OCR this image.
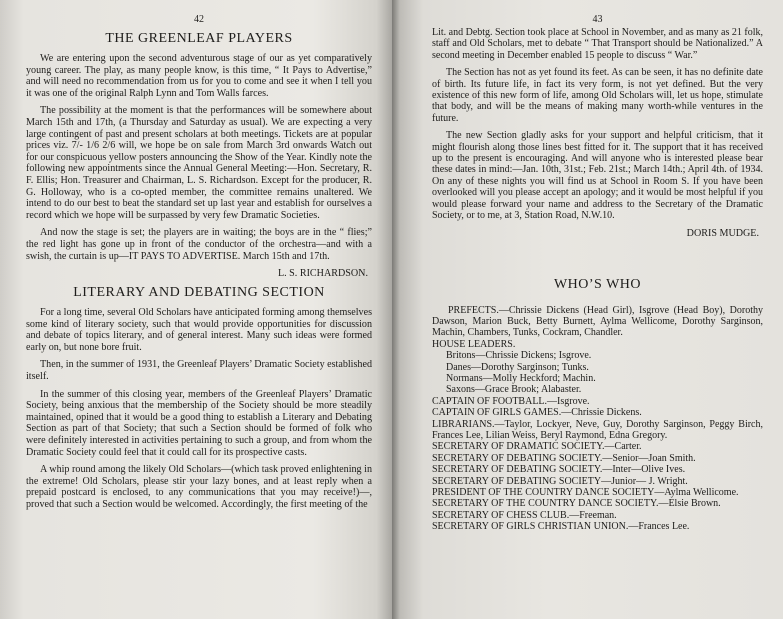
42
THE GREENLEAF PLAYERS

We are entering upon the second adventurous stage of our as yet comparatively young career. The play, as many people know, is this time, “ It Pays to Advertise,” and will need no recommendation from us for you to come and see it when I tell you it was one of the original Ralph Lynn and Tom Walls farces.

The possibility at the moment is that the performances will be somewhere about March 15th and 17th, (a Thursday and Saturday as usual). We are expecting a very large contingent of past and present scholars at both meetings. Tickets are at popular prices viz. 7/- 1/6 2/6 will, we hope be on sale from March 3rd onwards Watch out for our conspicuous yellow posters announcing the Show of the Year. Kindly note the following new appointments since the Annual General Meeting:—Hon. Secretary, R. F. Ellis; Hon. Treasurer and Chairman, L. S. Richardson. Except for the producer, R. G. Holloway, who is a co-opted member, the committee remains unaltered. We intend to do our best to beat the standard set up last year and establish for ourselves a record which we hope will be surpassed by very few Dramatic Societies.

And now the stage is set; the players are in waiting; the boys are in the “ flies;” the red light has gone up in front of the conductor of the orchestra—and with a swish, the curtain is up—IT PAYS TO ADVERTISE. March 15th and 17th.

L. S. RICHARDSON.
LITERARY AND DEBATING SECTION

For a long time, several Old Scholars have anticipated forming among themselves some kind of literary society, such that would provide opportunities for discussion and debate of topics literary, and of general interest. Many such ideas were formed early on, but none bore fruit.

Then, in the summer of 1931, the Greenleaf Players’ Dramatic Society established itself.

In the summer of this closing year, members of the Greenleaf Players’ Dramatic Society, being anxious that the membership of the Society should be more steadily maintained, opined that it would be a good thing to establish a Literary and Debating Section as part of that Society; that such a Section should be formed of folk who were definitely interested in activities pertaining to such a group, and from whom the Dramatic Society could feel that it could call for its prospective casts.

A whip round among the likely Old Scholars—(which task proved enlightening in the extreme! Old Scholars, please stir your lazy bones, and at least reply when a prepaid postcard is enclosed, to any communications that you may receive!)—, proved that such a Section would be welcomed. Accordingly, the first meeting of the

43

Lit. and Debtg. Section took place at School in November, and as many as 21 folk, staff and Old Scholars, met to debate “ That Transport should be Nationalized.” A second meeting in December enabled 15 people to discuss “ War.”

The Section has not as yet found its feet. As can be seen, it has no definite date of birth. Its future life, in fact its very form, is not yet defined. But the very existence of this new form of life, among Old Scholars will, let us hope, stimulate that body, and will be the means of making many worth-while ventures in the future.

The new Section gladly asks for your support and helpful criticism, that it might flourish along those lines best fitted for it. The support that it has received up to the present is encouraging. And will anyone who is interested please bear these dates in mind:—Jan. 10th, 31st.; Feb. 21st.; March 14th.; April 4th. of 1934. On any of these nights you will find us at School in Room S. If you have been overlooked will you please accept an apology; and it would be most helpful if you would please forward your name and address to the Secretary of the Dramatic Society, or to me, at 3, Station Road, N.W.10.

DORIS MUDGE.
WHO’S WHO
PREFECTS.—Chrissie Dickens (Head Girl), Isgrove (Head Boy), Dorothy Dawson, Marion Buck, Betty Burnett, Aylma Wellicome, Dorothy Sarginson, Machin, Chambers, Tunks, Cockram, Chandler.
HOUSE LEADERS.
Britons—Chrissie Dickens; Isgrove.
Danes—Dorothy Sarginson; Tunks.
Normans—Molly Heckford; Machin.
Saxons—Grace Brook; Alabaster.
CAPTAIN OF FOOTBALL.—Isgrove.
CAPTAIN OF GIRLS GAMES.—Chrissie Dickens.
LIBRARIANS.—Taylor, Lockyer, Neve, Guy, Dorothy Sarginson, Peggy Birch, Frances Lee, Lilian Weiss, Beryl Raymond, Edna Gregory.
SECRETARY OF DRAMATIC SOCIETY.—Carter.
SECRETARY OF DEBATING SOCIETY.—Senior—Joan Smith.
SECRETARY OF DEBATING SOCIETY.—Inter—Olive Ives.
SECRETARY OF DEBATING SOCIETY—Junior— J. Wright.
PRESIDENT OF THE COUNTRY DANCE SOCIETY—Aylma Wellicome.
SECRETARY OF THE COUNTRY DANCE SOCIETY.—Elsie Brown.
SECRETARY OF CHESS CLUB.—Freeman.
SECRETARY OF GIRLS CHRISTIAN UNION.—Frances Lee.
